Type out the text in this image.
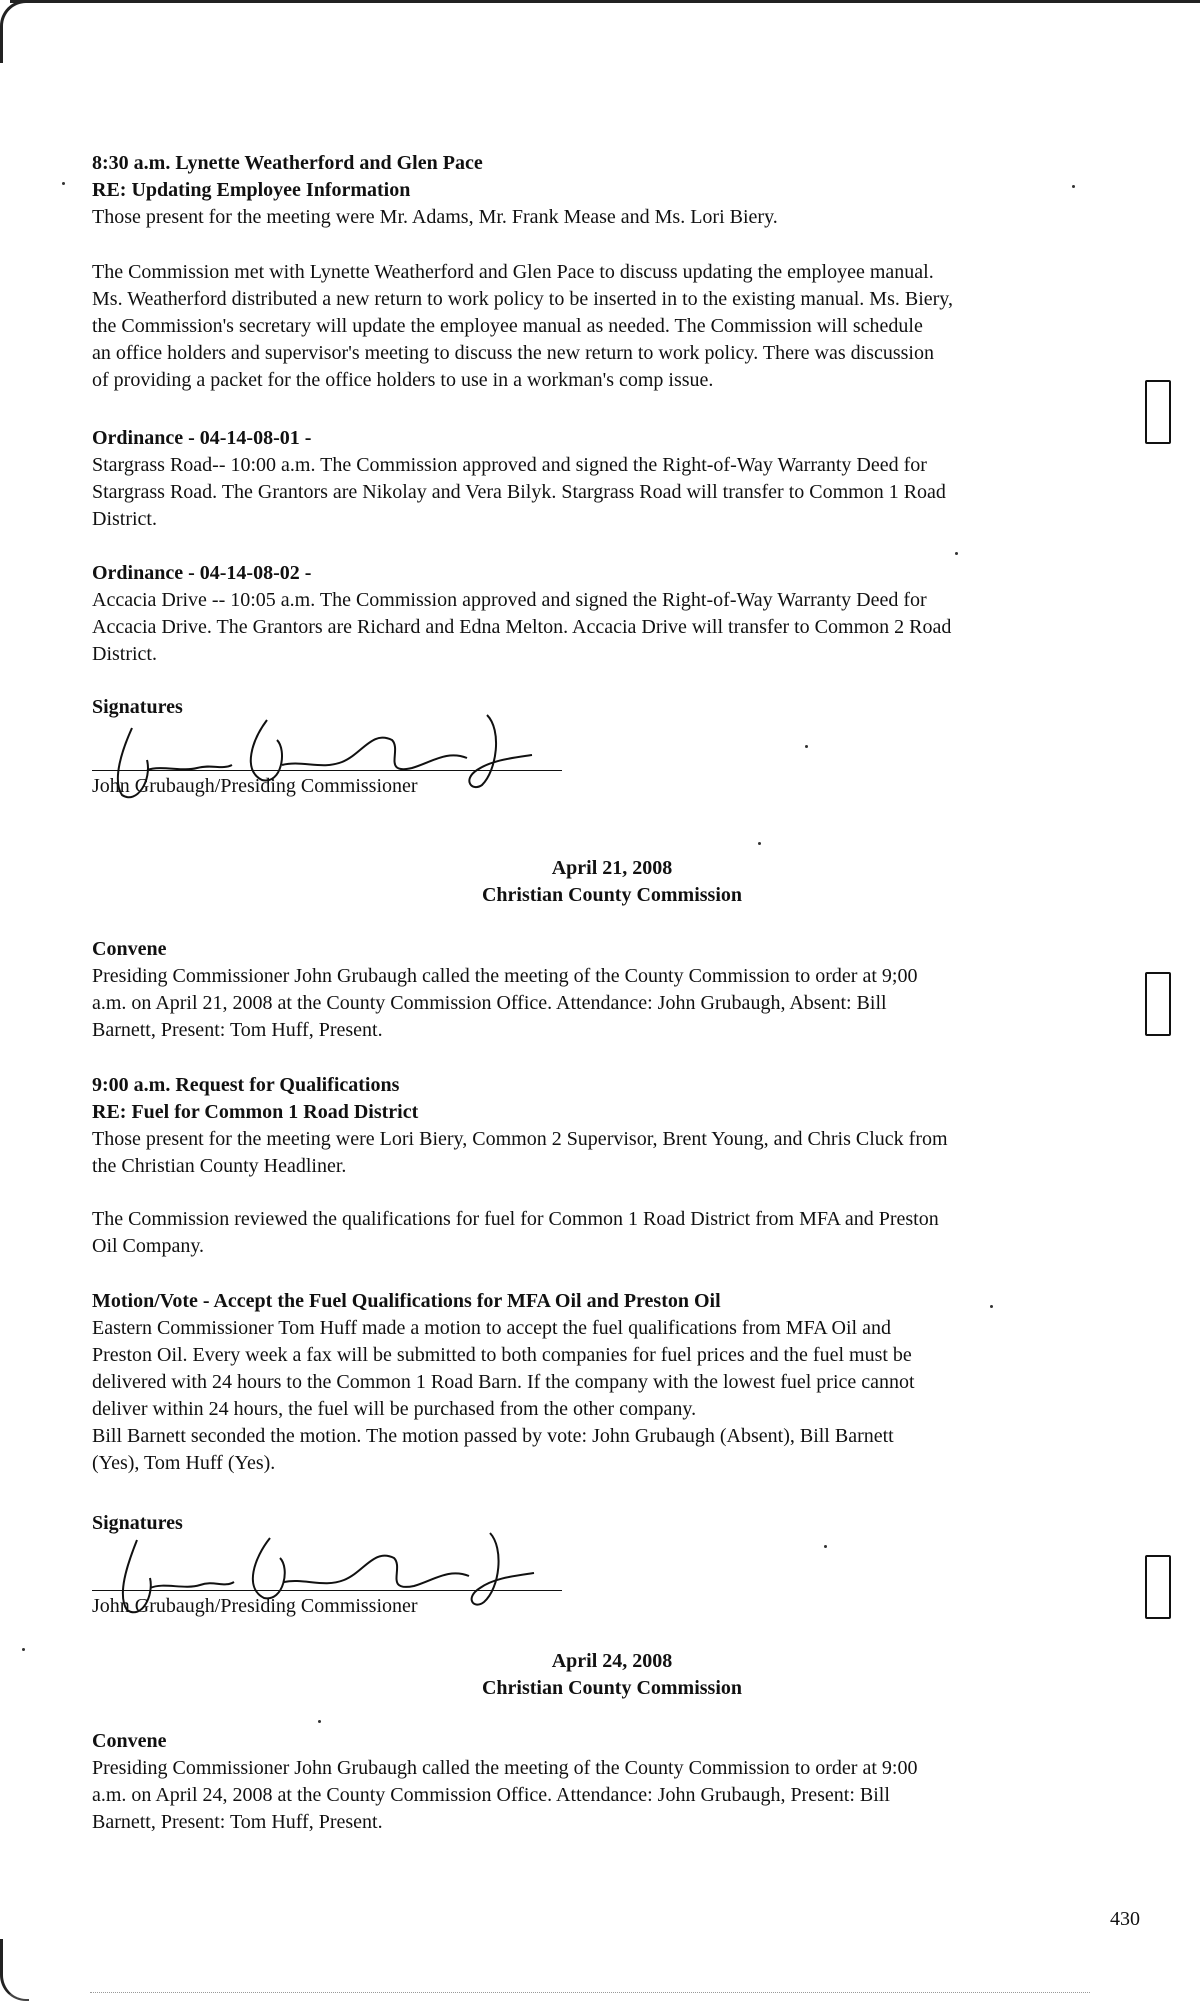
8:30 a.m. Lynette Weatherford and Glen Pace

RE: Updating Employee Information

Those present for the meeting were Mr. Adams, Mr. Frank Mease and Ms. Lori Biery.

The Commission met with Lynette Weatherford and Glen Pace to discuss updating the employee manual.

Ms. Weatherford distributed a new return to work policy to be inserted in to the existing manual. Ms. Biery,

the Commission's secretary will update the employee manual as needed. The Commission will schedule

an office holders and supervisor's meeting to discuss the new return to work policy. There was discussion

of providing a packet for the office holders to use in a workman's comp issue.

Ordinance - 04-14-08-01 -

Stargrass Road-- 10:00 a.m. The Commission approved and signed the Right-of-Way Warranty Deed for

Stargrass Road. The Grantors are Nikolay and Vera Bilyk. Stargrass Road will transfer to Common 1 Road

District.

Ordinance - 04-14-08-02 -

Accacia Drive -- 10:05 a.m. The Commission approved and signed the Right-of-Way Warranty Deed for

Accacia Drive. The Grantors are Richard and Edna Melton. Accacia Drive will transfer to Common 2 Road

District.

Signatures

John Grubaugh/Presiding Commissioner

April 21, 2008

Christian County Commission

Convene

Presiding Commissioner John Grubaugh called the meeting of the County Commission to order at 9;00

a.m. on April 21, 2008 at the County Commission Office. Attendance: John Grubaugh, Absent: Bill

Barnett, Present: Tom Huff, Present.

9:00 a.m. Request for Qualifications

RE: Fuel for Common 1 Road District

Those present for the meeting were Lori Biery, Common 2 Supervisor, Brent Young, and Chris Cluck from

the Christian County Headliner.

The Commission reviewed the qualifications for fuel for Common 1 Road District from MFA and Preston

Oil Company.

Motion/Vote - Accept the Fuel Qualifications for MFA Oil and Preston Oil

Eastern Commissioner Tom Huff made a motion to accept the fuel qualifications from MFA Oil and

Preston Oil. Every week a fax will be submitted to both companies for fuel prices and the fuel must be

delivered with 24 hours to the Common 1 Road Barn. If the company with the lowest fuel price cannot

deliver within 24 hours, the fuel will be purchased from the other company.

Bill Barnett seconded the motion. The motion passed by vote: John Grubaugh (Absent), Bill Barnett

(Yes), Tom Huff (Yes).

Signatures

John Grubaugh/Presiding Commissioner

April 24, 2008

Christian County Commission

Convene

Presiding Commissioner John Grubaugh called the meeting of the County Commission to order at 9:00

a.m. on April 24, 2008 at the County Commission Office. Attendance: John Grubaugh, Present: Bill

Barnett, Present: Tom Huff, Present.

430
